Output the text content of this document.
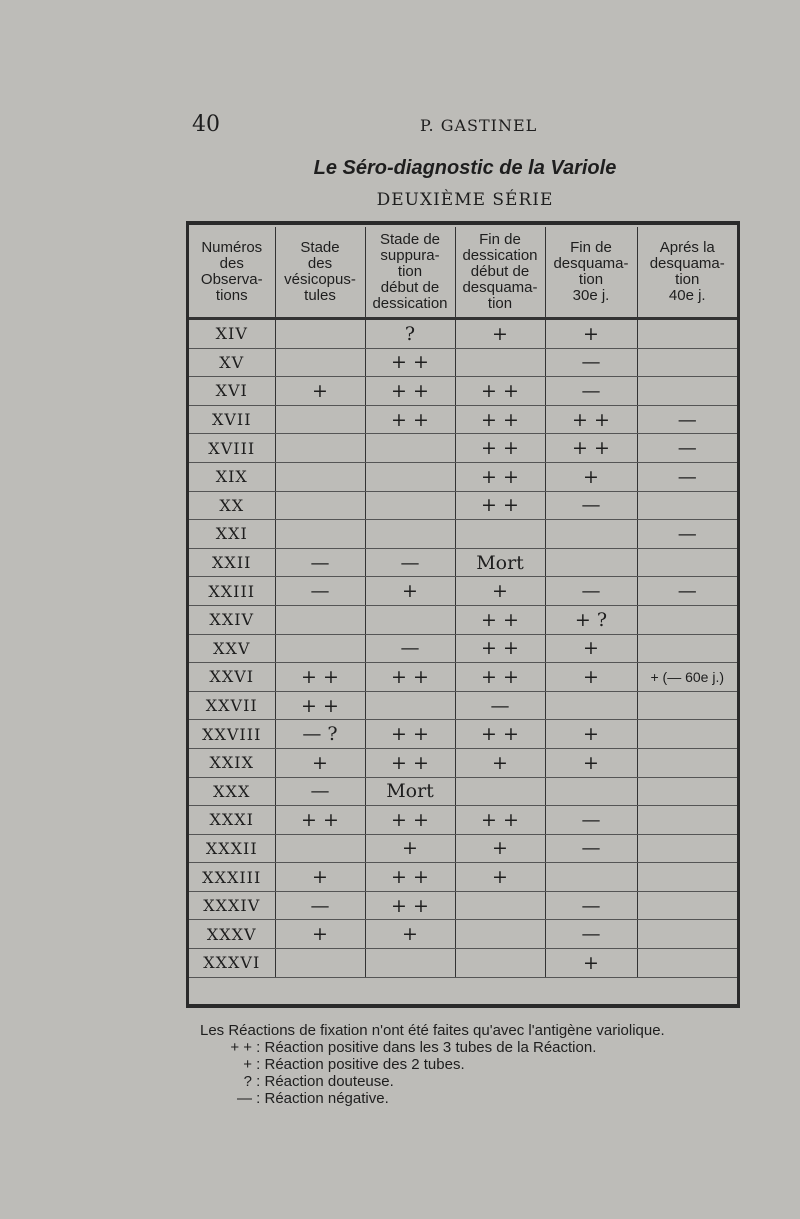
40	P. GASTINEL
Le Séro-diagnostic de la Variole
DEUXIÈME SÉRIE
Numéros
des
Observa-
tions	Stade
des
vésicopus-
tules	Stade de
suppura-
tion
début de
dessication	Fin de
dessication
début de
desquama-
tion	Fin de
desquama-
tion
30e j.	Aprés la
desquama-
tion
40e j.

XIV		?	+	+	
XV		+ +		—	
XVI	+	+ +	+ +	—	
XVII		+ +	+ +	+ +	—
XVIII			+ +	+ +	—
XIX			+ +	+	—
XX			+ +	—	
XXI					—
XXII	—	—	Mort		
XXIII	—	+	+	—	—
XXIV			+ +	+ ?	
XXV		—	+ +	+	
XXVI	+ +	+ +	+ +	+	+ (— 60e j.)
XXVII	+ +		—		
XXVIII	— ?	+ +	+ +	+	
XXIX	+	+ +	+	+	
XXX	—	Mort			
XXXI	+ +	+ +	+ +	—	
XXXII		+	+	—	
XXXIII	+	+ +	+		
XXXIV	—	+ +		—	
XXXV	+	+		—	
XXXVI				+	
Les Réactions de fixation n'ont été faites qu'avec l'antigène variolique.
+ + : Réaction positive dans les 3 tubes de la Réaction.
+ : Réaction positive des 2 tubes.
? : Réaction douteuse.
— : Réaction négative.
